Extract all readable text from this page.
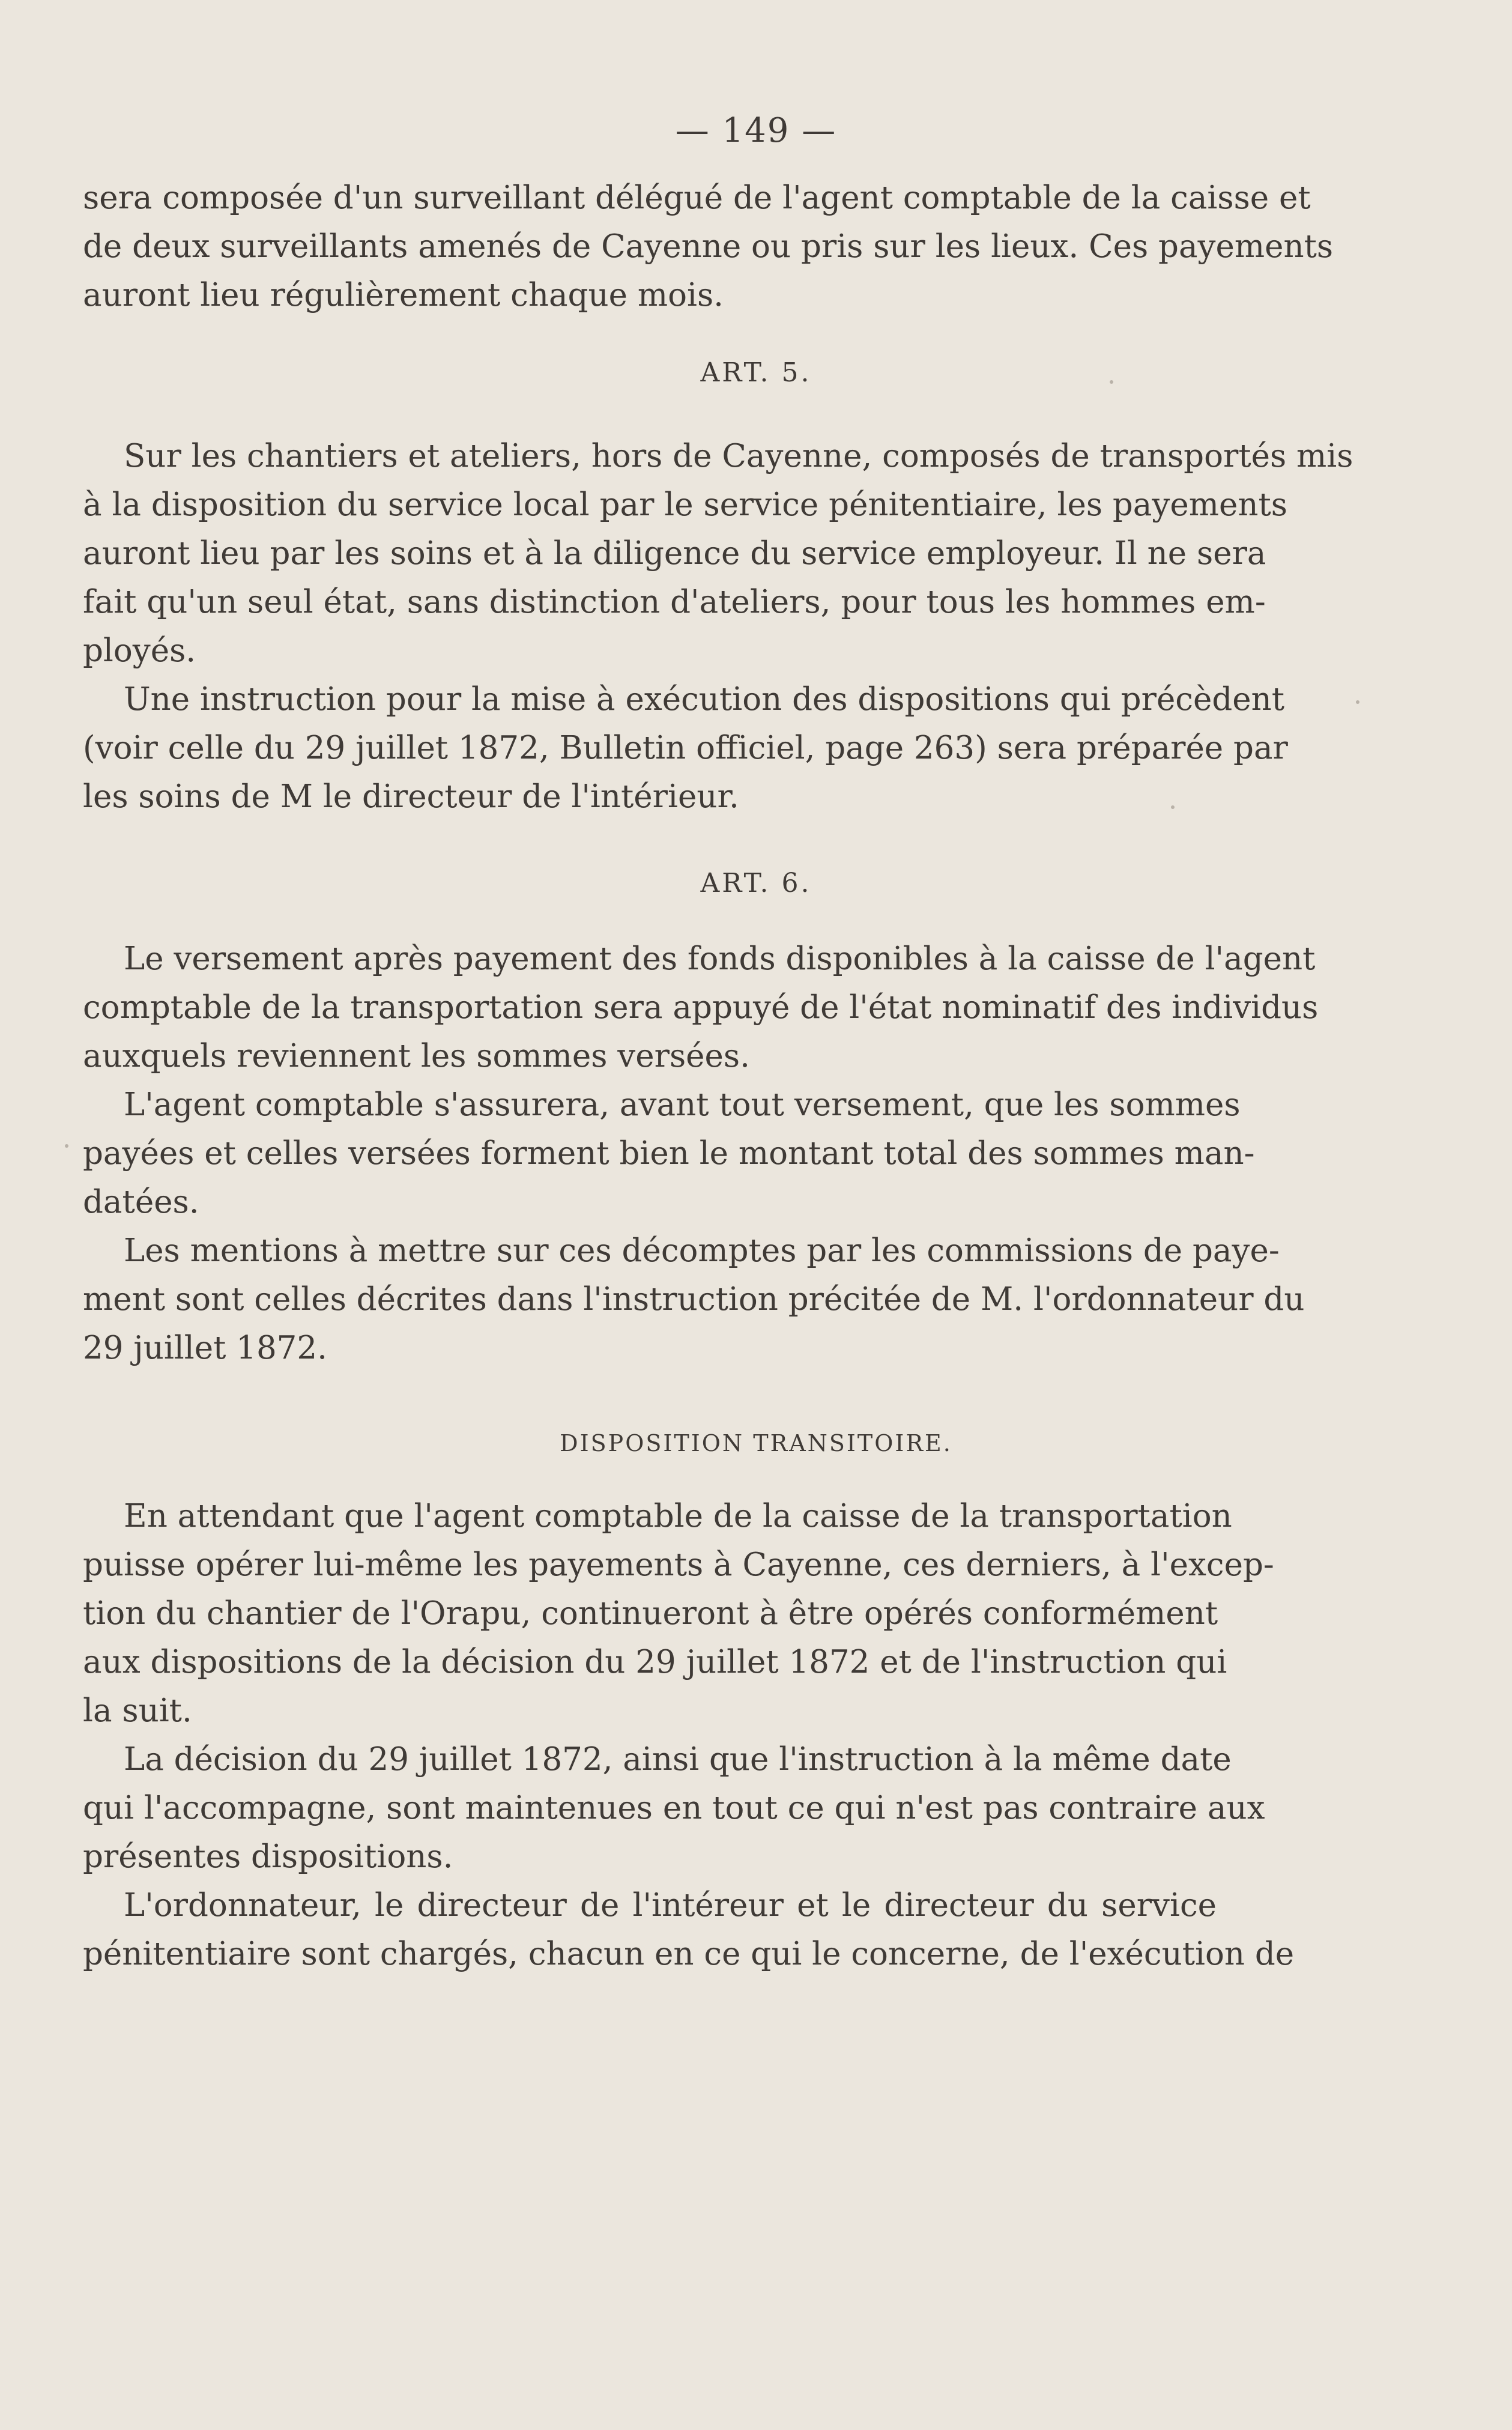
— 149 —
sera composée d'un surveillant délégué de l'agent comptable de la caisse et
de deux surveillants amenés de Cayenne ou pris sur les lieux. Ces payements
auront lieu régulièrement chaque mois.
ART. 5.
Sur les chantiers et ateliers, hors de Cayenne, composés de transportés mis
à la disposition du service local par le service pénitentiaire, les payements
auront lieu par les soins et à la diligence du service employeur. Il ne sera
fait qu'un seul état, sans distinction d'ateliers, pour tous les hommes em-
ployés.
Une instruction pour la mise à exécution des dispositions qui précèdent
(voir celle du 29 juillet 1872, Bulletin officiel, page 263) sera préparée par
les soins de M le directeur de l'intérieur.
ART. 6.
Le versement après payement des fonds disponibles à la caisse de l'agent
comptable de la transportation sera appuyé de l'état nominatif des individus
auxquels reviennent les sommes versées.
L'agent comptable s'assurera, avant tout versement, que les sommes
payées et celles versées forment bien le montant total des sommes man-
datées.
Les mentions à mettre sur ces décomptes par les commissions de paye-
ment sont celles décrites dans l'instruction précitée de M. l'ordonnateur du
29 juillet 1872.
DISPOSITION TRANSITOIRE.
En attendant que l'agent comptable de la caisse de la transportation
puisse opérer lui-même les payements à Cayenne, ces derniers, à l'excep-
tion du chantier de l'Orapu, continueront à être opérés conformément
aux dispositions de la décision du 29 juillet 1872 et de l'instruction qui
la suit.
La décision du 29 juillet 1872, ainsi que l'instruction à la même date
qui l'accompagne, sont maintenues en tout ce qui n'est pas contraire aux
présentes dispositions.
L'ordonnateur, le directeur de l'intéreur et le directeur du service
pénitentiaire sont chargés, chacun en ce qui le concerne, de l'exécution de
